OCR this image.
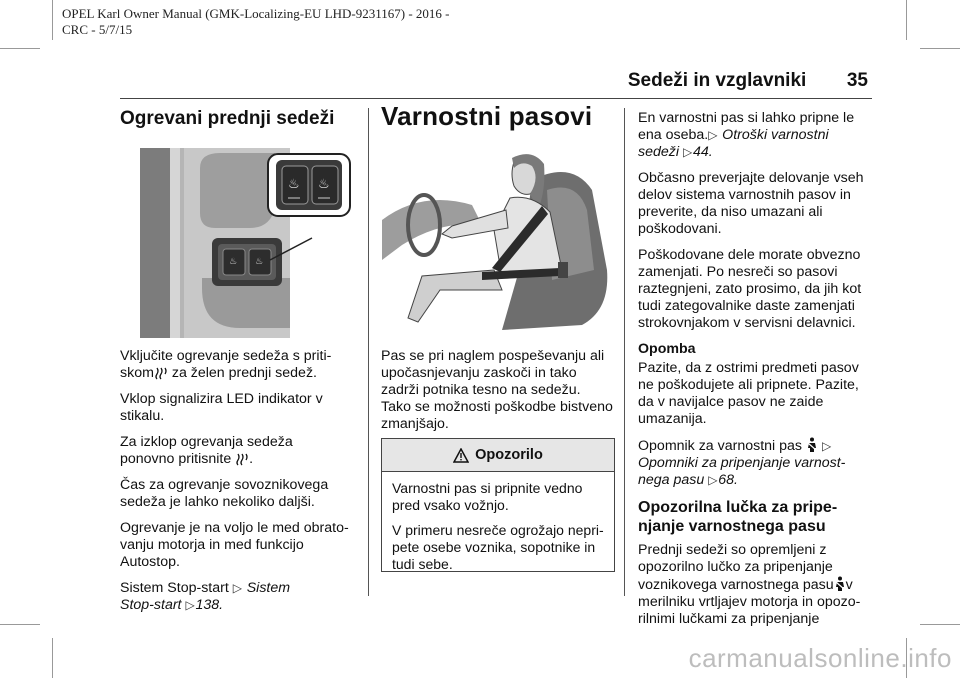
OPEL Karl Owner Manual (GMK-Localizing-EU LHD-9231167) - 2016 -
CRC - 5/7/15
Sedeži in vzglavniki 35
Ogrevani prednji sedeži
♨ ♨
♨ ♨

Vključite ogrevanje sedeža s priti-
skom za želen prednji sedež.

Vklop signalizira LED indikator v stikalu.

Za izklop ogrevanja sedeža
ponovno pritisnite .

Čas za ogrevanje sovoznikovega sedeža je lahko nekoliko daljši.

Ogrevanje je na voljo le med obratovanju motorja in med funkcijo Autostop.

Sistem Stop-start ▷ Sistem
Stop-start ▷138.

Varnostni pasovi

Pas se pri naglem pospeševanju ali upočasnjevanju zaskoči in tako zadrži potnika tesno na sedežu. Tako se možnosti poškodbe bistveno zmanjšajo.

Opozorilo

Varnostni pas si pripnite vedno pred vsako vožnjo.

V primeru nesreče ogrožajo nepripete osebe voznika, sopotnike in tudi sebe.

En varnostni pas si lahko pripne le
ena oseba.▷ Otroški varnostni
sedeži ▷44.

Občasno preverjajte delovanje vseh delov sistema varnostnih pasov in preverite, da niso umazani ali poškodovani.

Poškodovane dele morate obvezno zamenjati. Po nesreči so pasovi raztegnjeni, zato prosimo, da jih kot tudi zategovalnike daste zamenjati strokovnjakom v servisni delavnici.

Opomba

Pazite, da z ostrimi predmeti pasov ne poškodujete ali pripnete. Pazite, da v navijalce pasov ne zaide umazanija.

Opomnik za varnostni pas ▷
Opomniki za pripenjanje varnostnega pasu ▷68.

Opozorilna lučka za pripe-
njanje varnostnega pasu

Prednji sedeži so opremljeni z opozorilno lučko za pripenjanje
voznikovega varnostnega pasu v
merilniku vrtljajev motorja in opozorilnimi lučkami za pripenjanje

carmanualsonline.info
